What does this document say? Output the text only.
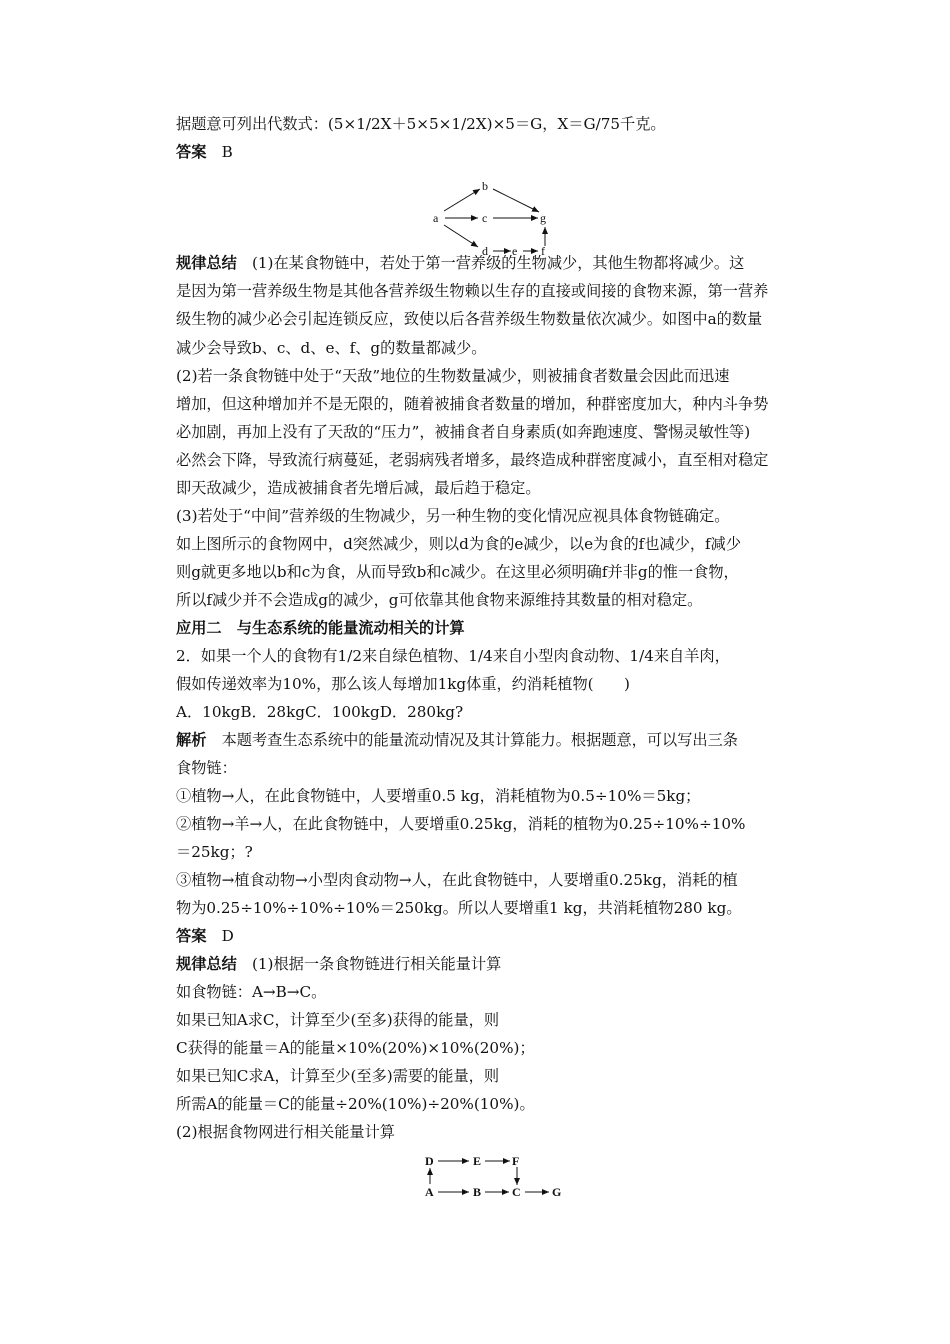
据题意可列出代数式：(5×1/2X＋5×5×1/2X)×5＝G，X＝G/75千克。
答案　B
规律总结　(1)在某食物链中，若处于第一营养级的生物减少，其他生物都将减少。这
是因为第一营养级生物是其他各营养级生物赖以生存的直接或间接的食物来源，第一营养
级生物的减少必会引起连锁反应，致使以后各营养级生物数量依次减少。如图中a的数量
减少会导致b、c、d、e、f、g的数量都减少。
(2)若一条食物链中处于“天敌”地位的生物数量减少，则被捕食者数量会因此而迅速
增加，但这种增加并不是无限的，随着被捕食者数量的增加，种群密度加大，种内斗争势
必加剧，再加上没有了天敌的“压力”，被捕食者自身素质(如奔跑速度、警惕灵敏性等)
必然会下降，导致流行病蔓延，老弱病残者增多，最终造成种群密度减小，直至相对稳定
即天敌减少，造成被捕食者先增后减，最后趋于稳定。
(3)若处于“中间”营养级的生物减少，另一种生物的变化情况应视具体食物链确定。
如上图所示的食物网中，d突然减少，则以d为食的e减少，以e为食的f也减少，f减少
则g就更多地以b和c为食，从而导致b和c减少。在这里必须明确f并非g的惟一食物，
所以f减少并不会造成g的减少，g可依靠其他食物来源维持其数量的相对稳定。
应用二　与生态系统的能量流动相关的计算
2．如果一个人的食物有1/2来自绿色植物、1/4来自小型肉食动物、1/4来自羊肉，
假如传递效率为10%，那么该人每增加1kg体重，约消耗植物(　　)
A．10kgB．28kgC．100kgD．280kg?
解析　本题考查生态系统中的能量流动情况及其计算能力。根据题意，可以写出三条
食物链：
①植物→人，在此食物链中，人要增重0.5 kg，消耗植物为0.5÷10%＝5kg；
②植物→羊→人，在此食物链中，人要增重0.25kg，消耗的植物为0.25÷10%÷10%
＝25kg；?
③植物→植食动物→小型肉食动物→人，在此食物链中，人要增重0.25kg，消耗的植
物为0.25÷10%÷10%÷10%＝250kg。所以人要增重1 kg，共消耗植物280 kg。
答案　D
规律总结　(1)根据一条食物链进行相关能量计算
如食物链：A→B→C。
如果已知A求C，计算至少(至多)获得的能量，则
C获得的能量＝A的能量×10%(20%)×10%(20%)；
如果已知C求A，计算至少(至多)需要的能量，则
所需A的能量＝C的能量÷20%(10%)÷20%(10%)。
(2)根据食物网进行相关能量计算
b
a	c	g
d e f
D	E	F
A	B	C	G
